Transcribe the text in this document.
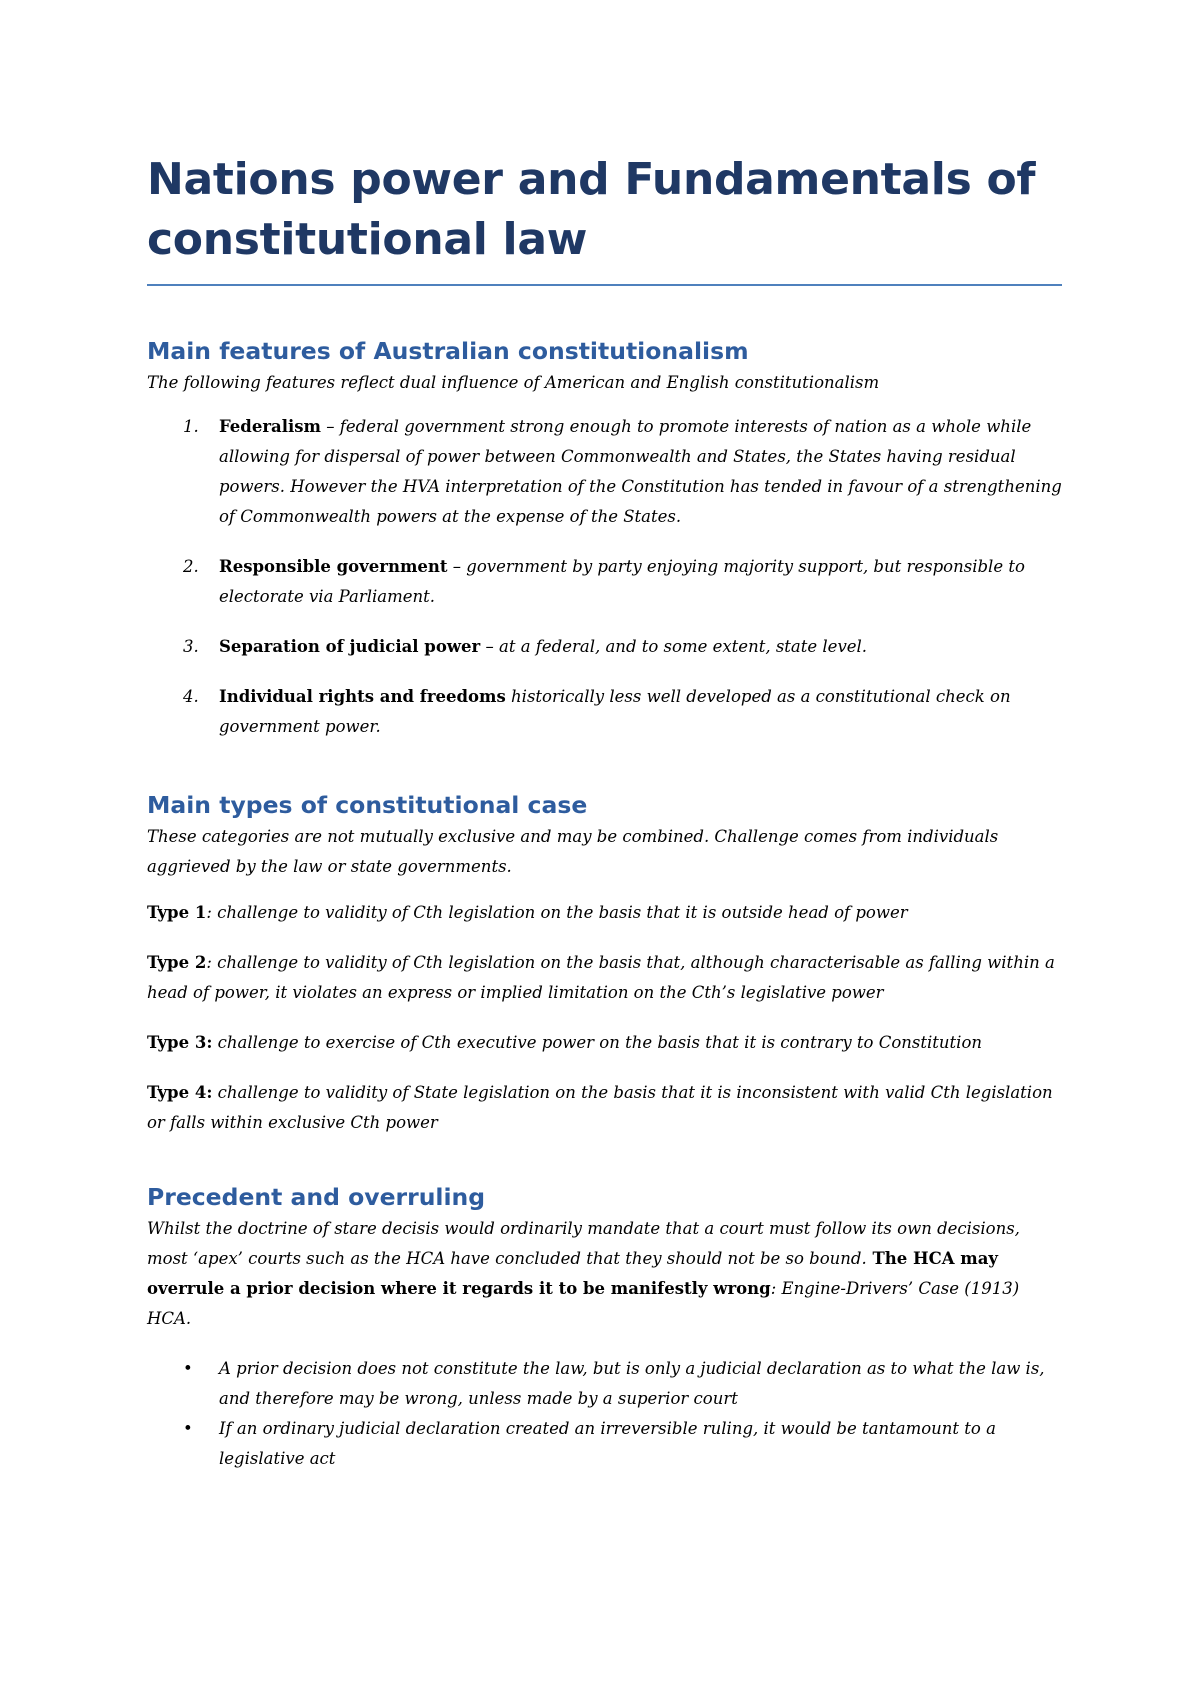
Nations power and Fundamentals of constitutional law
Main features of Australian constitutionalism

The following features reflect dual influence of American and English constitutionalism

1. Federalism – federal government strong enough to promote interests of nation as a whole while allowing for dispersal of power between Commonwealth and States, the States having residual powers. However the HVA interpretation of the Constitution has tended in favour of a strengthening of Commonwealth powers at the expense of the States.
2. Responsible government – government by party enjoying majority support, but responsible to electorate via Parliament.
3. Separation of judicial power – at a federal, and to some extent, state level.
4. Individual rights and freedoms historically less well developed as a constitutional check on government power.
Main types of constitutional case

These categories are not mutually exclusive and may be combined. Challenge comes from individuals aggrieved by the law or state governments.

Type 1: challenge to validity of Cth legislation on the basis that it is outside head of power

Type 2: challenge to validity of Cth legislation on the basis that, although characterisable as falling within a head of power, it violates an express or implied limitation on the Cth’s legislative power

Type 3: challenge to exercise of Cth executive power on the basis that it is contrary to Constitution

Type 4: challenge to validity of State legislation on the basis that it is inconsistent with valid Cth legislation or falls within exclusive Cth power

Precedent and overruling

Whilst the doctrine of stare decisis would ordinarily mandate that a court must follow its own decisions, most ‘apex’ courts such as the HCA have concluded that they should not be so bound. The HCA may overrule a prior decision where it regards it to be manifestly wrong: Engine-Drivers’ Case (1913) HCA.

• A prior decision does not constitute the law, but is only a judicial declaration as to what the law is, and therefore may be wrong, unless made by a superior court
• If an ordinary judicial declaration created an irreversible ruling, it would be tantamount to a legislative act
